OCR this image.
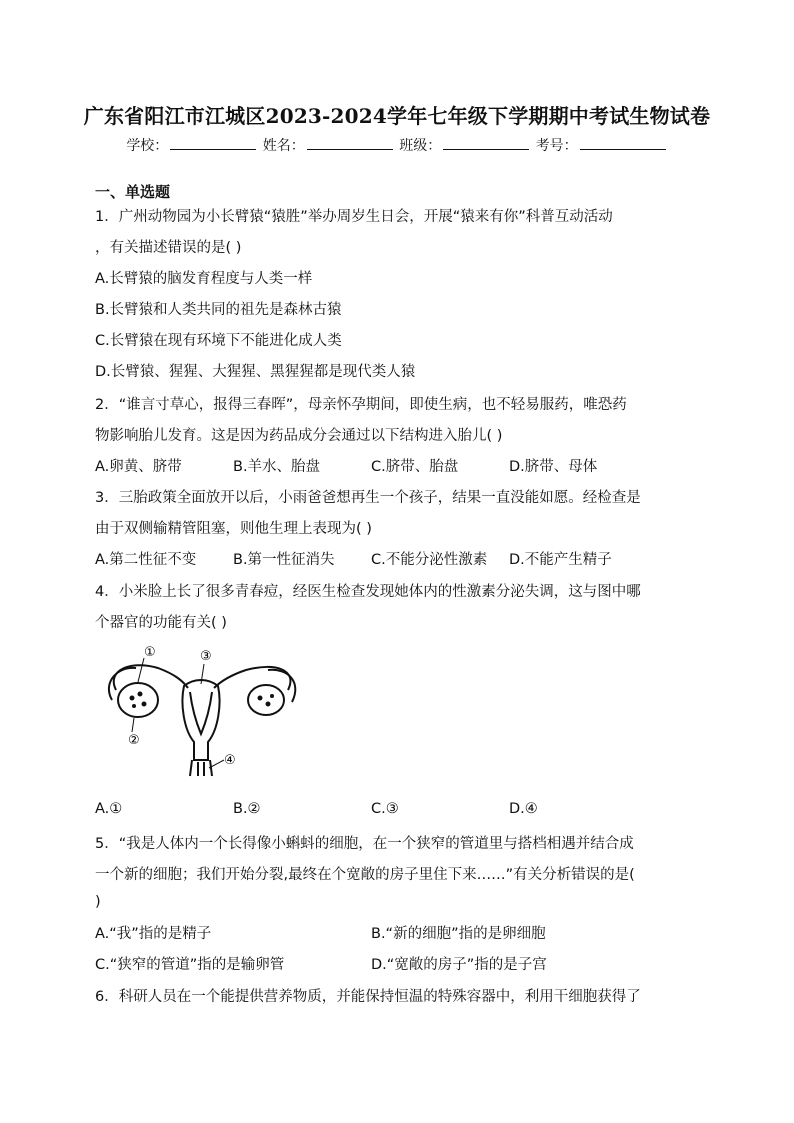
广东省阳江市江城区2023-2024学年七年级下学期期中考试生物试卷
学校：	姓名：	班级：	考号：
一、单选题
1．广州动物园为小长臂猿“猿胜”举办周岁生日会，开展“猿来有你”科普互动活动
，有关描述错误的是( )
A.长臂猿的脑发育程度与人类一样
B.长臂猿和人类共同的祖先是森林古猿
C.长臂猿在现有环境下不能进化成人类
D.长臂猿、猩猩、大猩猩、黑猩猩都是现代类人猿
2．“谁言寸草心，报得三春晖”，母亲怀孕期间，即使生病，也不轻易服药，唯恐药
物影响胎儿发育。这是因为药品成分会通过以下结构进入胎儿( )
A.卵黄、脐带	B.羊水、胎盘	C.脐带、胎盘	D.脐带、母体
3．三胎政策全面放开以后，小雨爸爸想再生一个孩子，结果一直没能如愿。经检查是
由于双侧输精管阻塞，则他生理上表现为( )
A.第二性征不变	B.第一性征消失	C.不能分泌性激素 D.不能产生精子
4．小米脸上长了很多青春痘，经医生检查发现她体内的性激素分泌失调，这与图中哪
个器官的功能有关( )
①
②
③
④
A.①	B.②	C.③	D.④
5．“我是人体内一个长得像小蝌蚪的细胞，在一个狭窄的管道里与搭档相遇并结合成
一个新的细胞；我们开始分裂,最终在个宽敞的房子里住下来……”有关分析错误的是(
)
A.“我”指的是精子	B.“新的细胞”指的是卵细胞
C.“狭窄的管道”指的是输卵管	D.“宽敞的房子”指的是子宫
6．科研人员在一个能提供营养物质，并能保持恒温的特殊容器中，利用干细胞获得了
